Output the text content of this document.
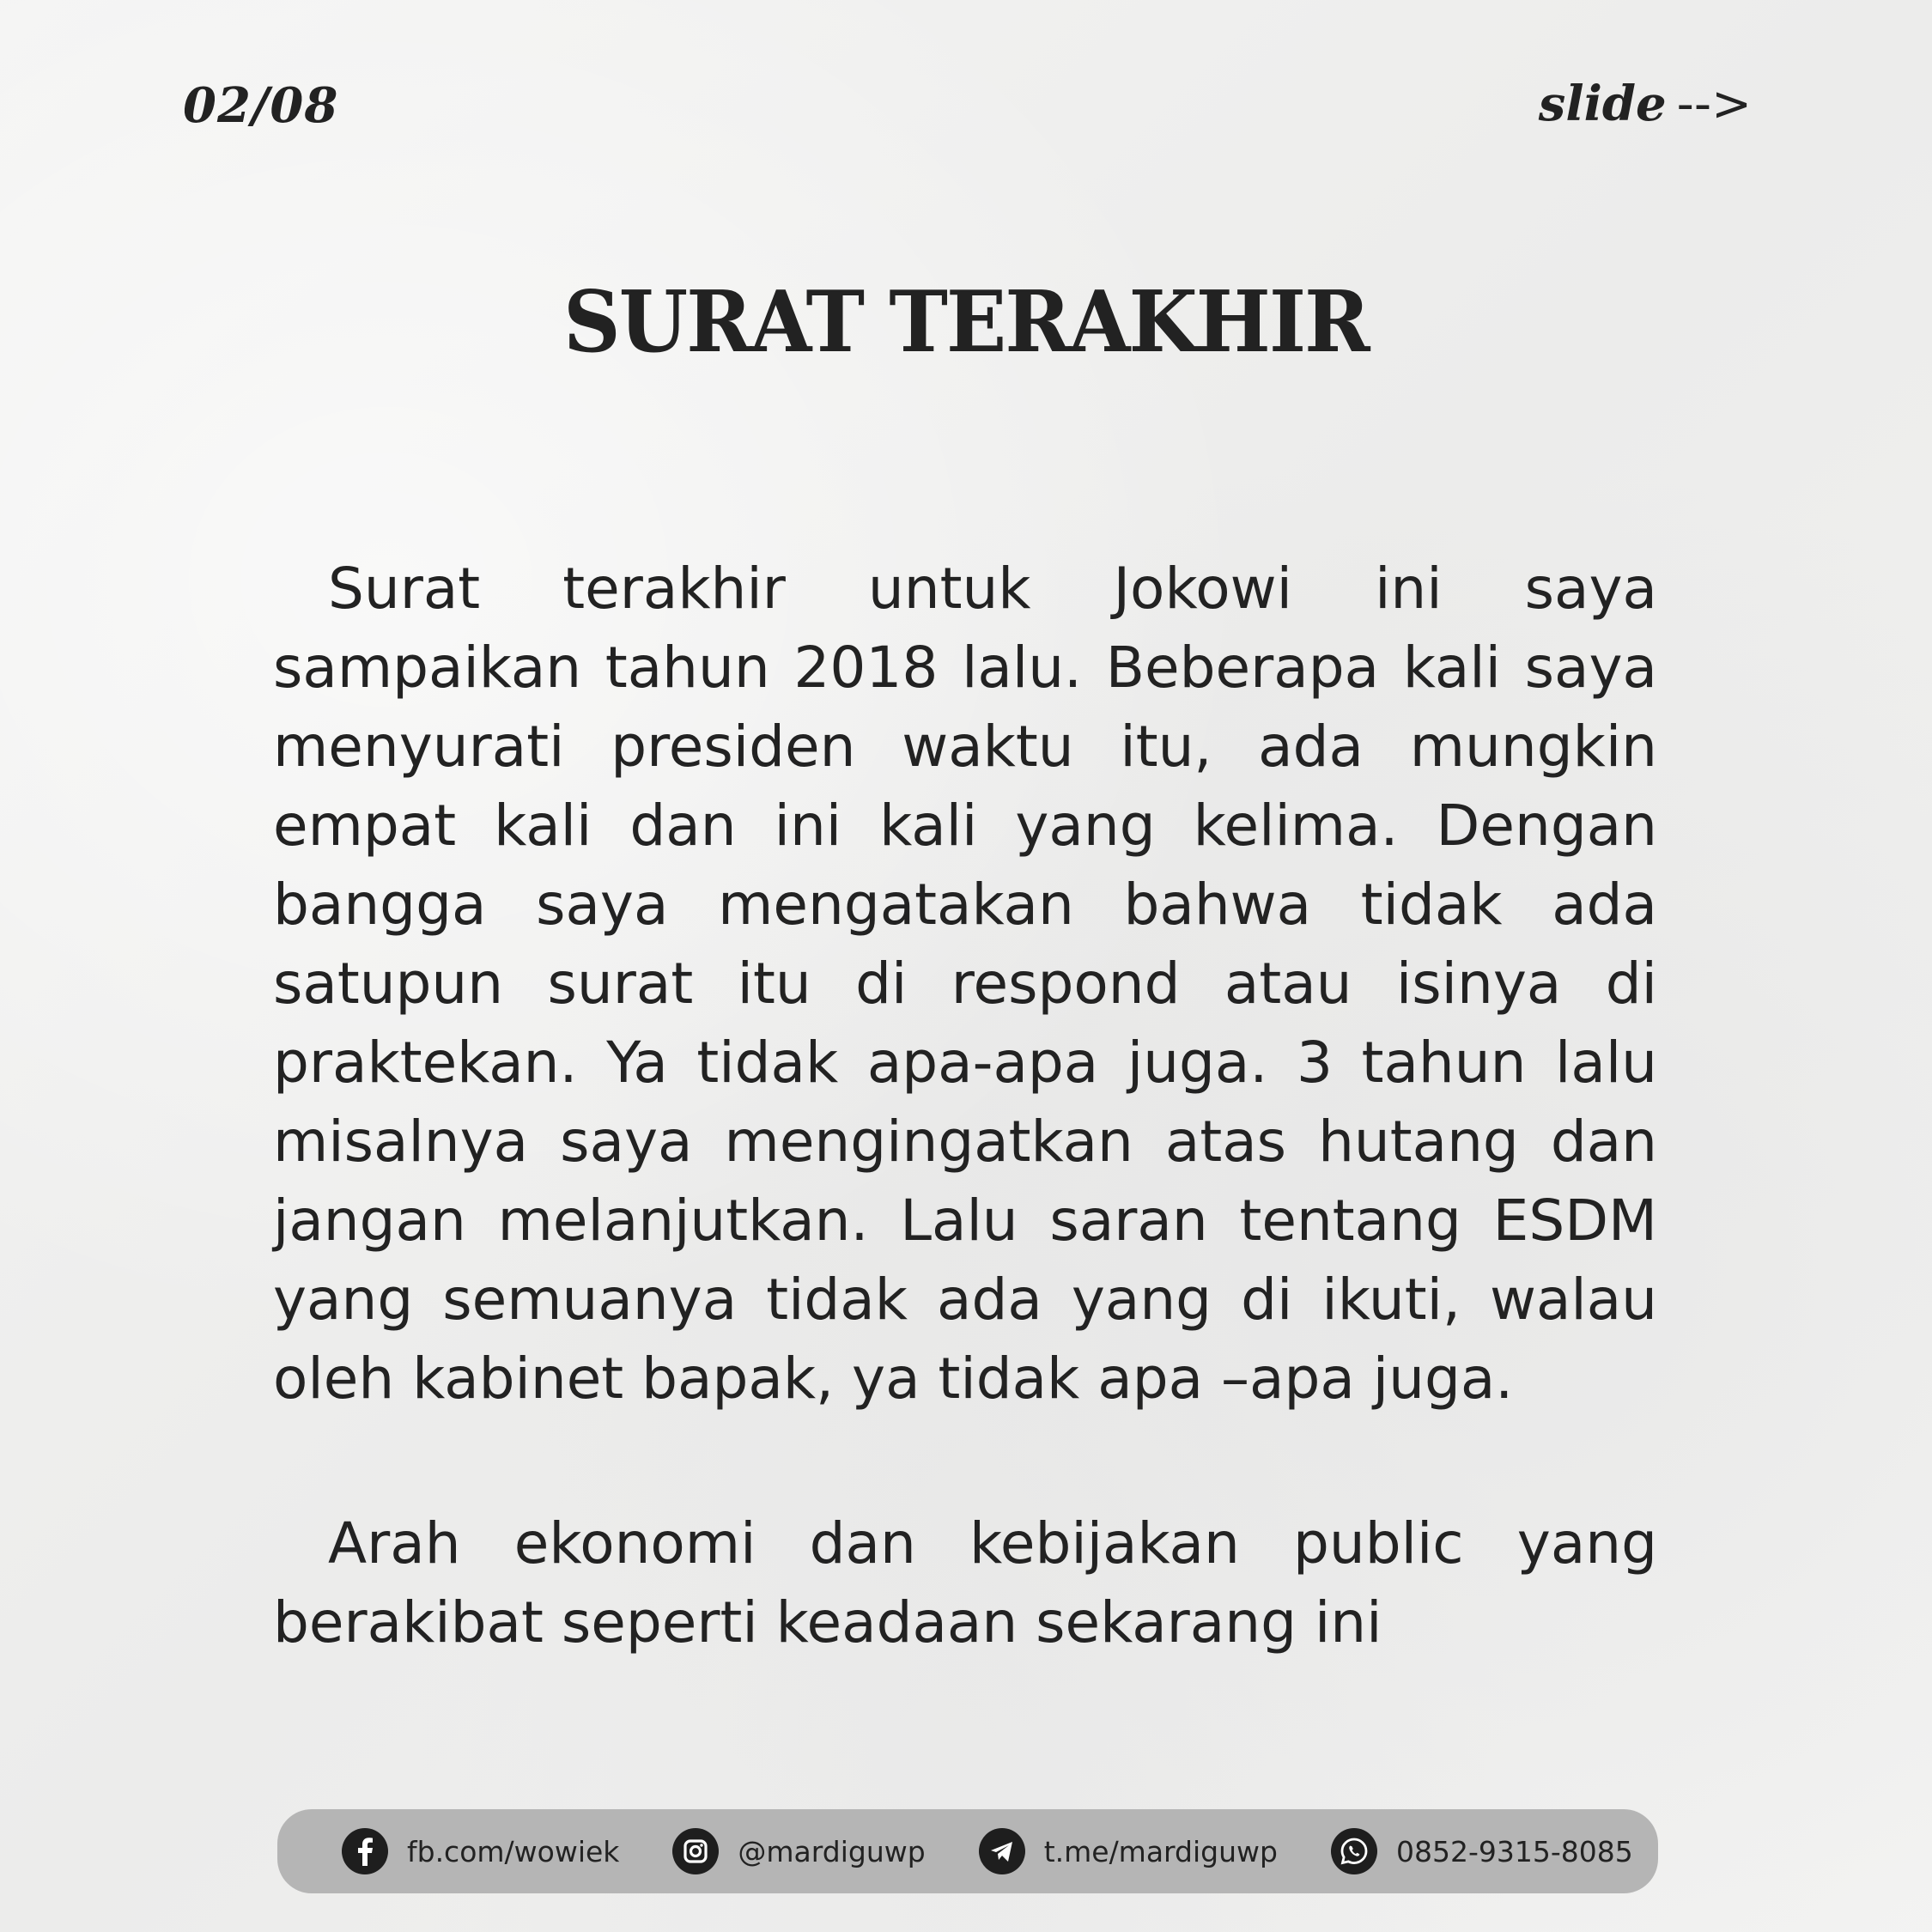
02/08	slide -->
SURAT TERAKHIR

Surat terakhir untuk Jokowi ini saya sampaikan tahun 2018 lalu. Beberapa kali saya menyurati presiden waktu itu, ada mungkin empat kali dan ini kali yang kelima. Dengan bangga saya mengatakan bahwa tidak ada satupun surat itu di respond atau isinya di praktekan. Ya tidak apa-apa juga. 3 tahun lalu misalnya saya mengingatkan atas hutang dan jangan melanjutkan. Lalu saran tentang ESDM yang semuanya tidak ada yang di ikuti, walau oleh kabinet bapak, ya tidak apa –apa juga.

Arah ekonomi dan kebijakan public yang berakibat seperti keadaan sekarang ini

fb.com/wowiek	@mardiguwp	t.me/mardiguwp	0852-9315-8085
